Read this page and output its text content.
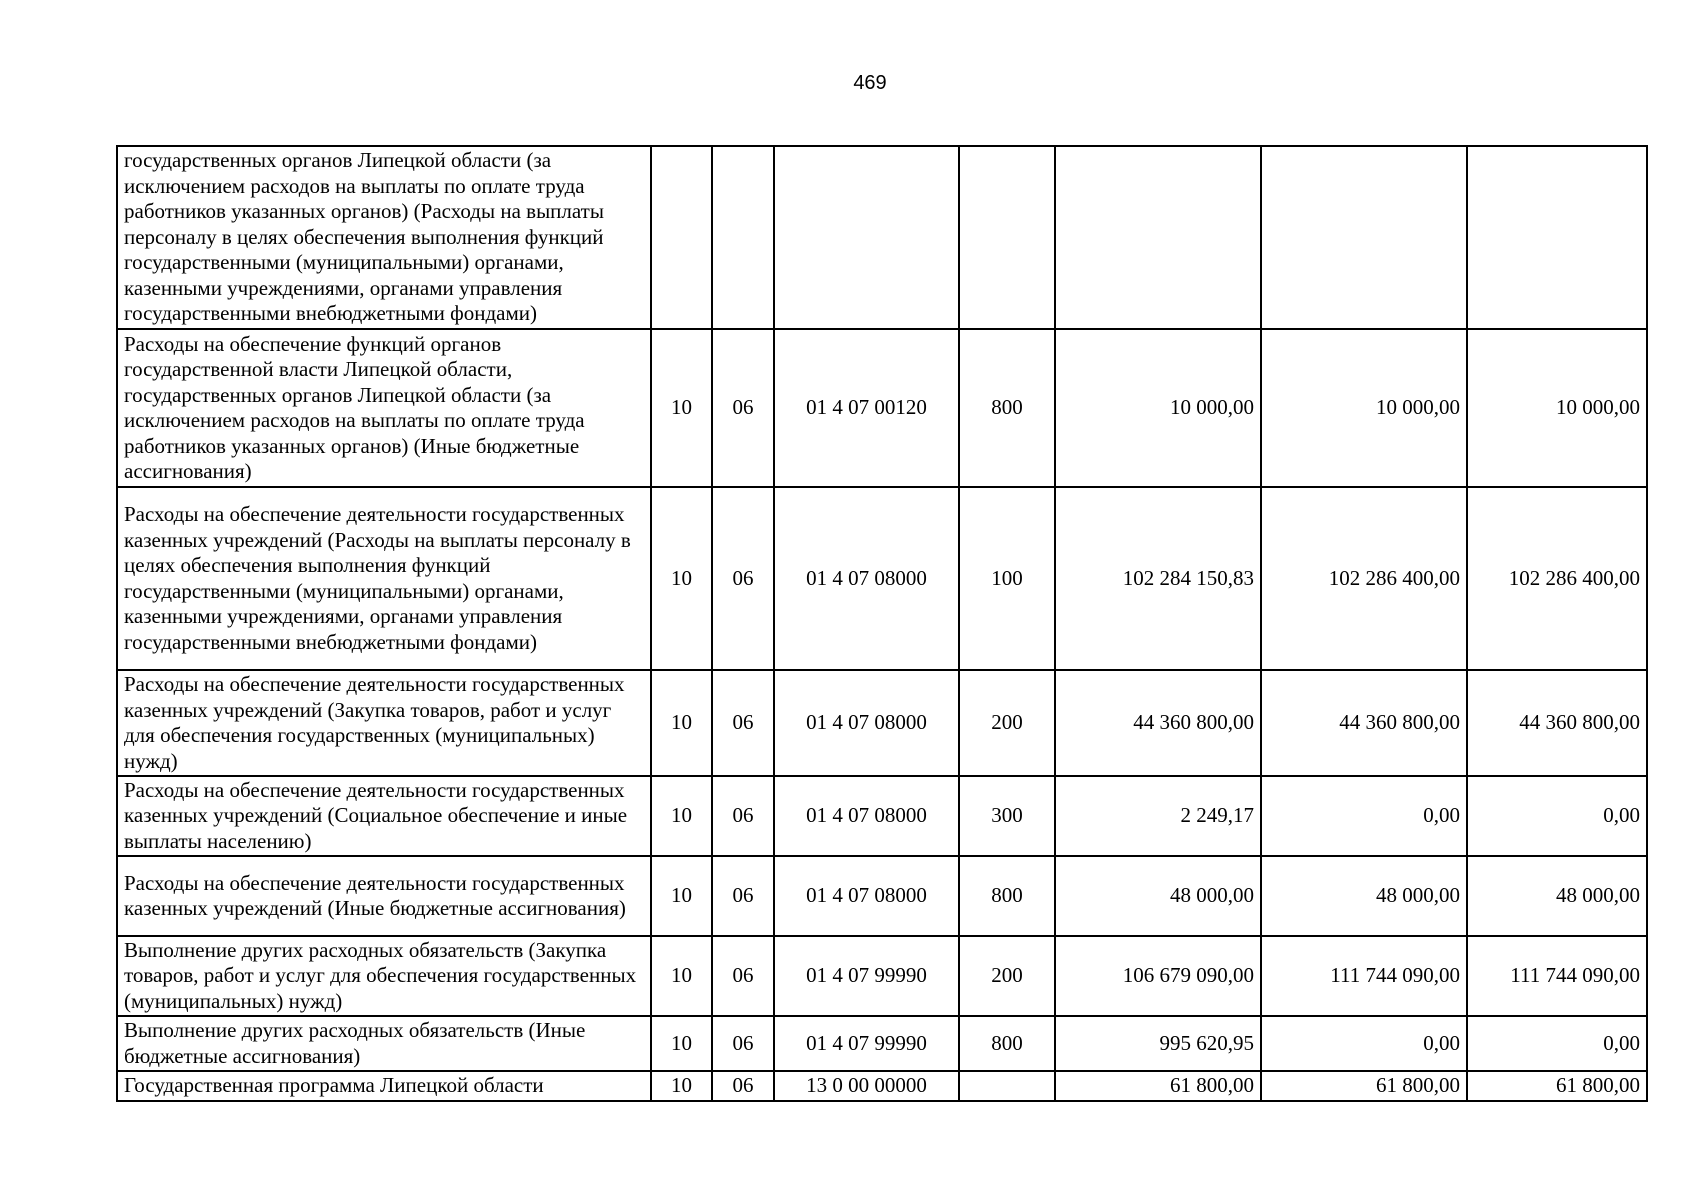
469
государственных органов Липецкой области (за исключением расходов на выплаты по оплате труда работников указанных органов) (Расходы на выплаты персоналу в целях обеспечения выполнения функций государственными (муниципальными) органами, казенными учреждениями, органами управления государственными внебюджетными фондами)							
Расходы на обеспечение функций органов государственной власти Липецкой области, государственных органов Липецкой области (за исключением расходов на выплаты по оплате труда работников указанных органов) (Иные бюджетные ассигнования)	10	06	01 4 07 00120	800	10 000,00	10 000,00	10 000,00
Расходы на обеспечение деятельности государственных казенных учреждений (Расходы на выплаты персоналу в целях обеспечения выполнения функций государственными (муниципальными) органами, казенными учреждениями, органами управления государственными внебюджетными фондами)	10	06	01 4 07 08000	100	102 284 150,83	102 286 400,00	102 286 400,00
Расходы на обеспечение деятельности государственных казенных учреждений (Закупка товаров, работ и услуг для обеспечения государственных (муниципальных) нужд)	10	06	01 4 07 08000	200	44 360 800,00	44 360 800,00	44 360 800,00
Расходы на обеспечение деятельности государственных казенных учреждений (Социальное обеспечение и иные выплаты населению)	10	06	01 4 07 08000	300	2 249,17	0,00	0,00
Расходы на обеспечение деятельности государственных казенных учреждений (Иные бюджетные ассигнования)	10	06	01 4 07 08000	800	48 000,00	48 000,00	48 000,00
Выполнение других расходных обязательств (Закупка товаров, работ и услуг для обеспечения государственных (муниципальных) нужд)	10	06	01 4 07 99990	200	106 679 090,00	111 744 090,00	111 744 090,00
Выполнение других расходных обязательств (Иные бюджетные ассигнования)	10	06	01 4 07 99990	800	995 620,95	0,00	0,00
Государственная программа Липецкой области	10	06	13 0 00 00000		61 800,00	61 800,00	61 800,00
